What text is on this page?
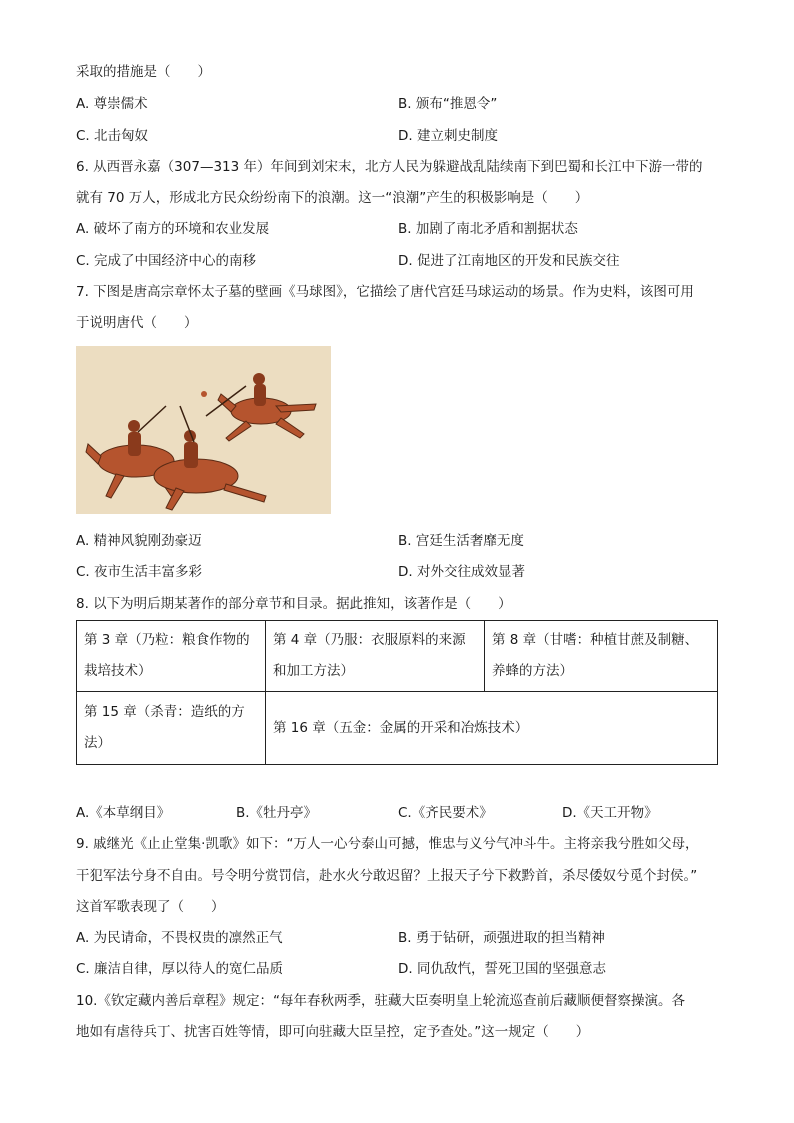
采取的措施是（　　）
A. 尊崇儒术	B. 颁布“推恩令”
C. 北击匈奴	D. 建立刺史制度
6. 从西晋永嘉（307—313 年）年间到刘宋末，北方人民为躲避战乱陆续南下到巴蜀和长江中下游一带的
就有 70 万人，形成北方民众纷纷南下的浪潮。这一“浪潮”产生的积极影响是（　　）
A. 破坏了南方的环境和农业发展	B. 加剧了南北矛盾和割据状态
C. 完成了中国经济中心的南移	D. 促进了江南地区的开发和民族交往
7. 下图是唐高宗章怀太子墓的壁画《马球图》，它描绘了唐代宫廷马球运动的场景。作为史料，该图可用
于说明唐代（　　）
A. 精神风貌刚劲豪迈	B. 宫廷生活奢靡无度
C. 夜市生活丰富多彩	D. 对外交往成效显著
8. 以下为明后期某著作的部分章节和目录。据此推知，该著作是（　　）
第 3 章（乃粒：粮食作物的栽培技术）	第 4 章（乃服：衣服原料的来源和加工方法）	第 8 章（甘嗜：种植甘蔗及制糖、养蜂的方法）
第 15 章（杀青：造纸的方法）	第 16 章（五金：金属的开采和冶炼技术）	
A.《本草纲目》	B.《牡丹亭》	C.《齐民要术》	D.《天工开物》
9. 戚继光《止止堂集·凯歌》如下：“万人一心兮泰山可撼，惟忠与义兮气冲斗牛。主将亲我兮胜如父母，
干犯军法兮身不自由。号令明兮赏罚信，赴水火兮敢迟留？上报天子兮下救黔首，杀尽倭奴兮觅个封侯。”
这首军歌表现了（　　）
A. 为民请命，不畏权贵的凛然正气	B. 勇于钻研，顽强进取的担当精神
C. 廉洁自律，厚以待人的宽仁品质	D. 同仇敌忾，誓死卫国的坚强意志
10.《钦定藏内善后章程》规定：“每年春秋两季，驻藏大臣奏明皇上轮流巡查前后藏顺便督察操演。各
地如有虐待兵丁、扰害百姓等情，即可向驻藏大臣呈控，定予查处。”这一规定（　　）
